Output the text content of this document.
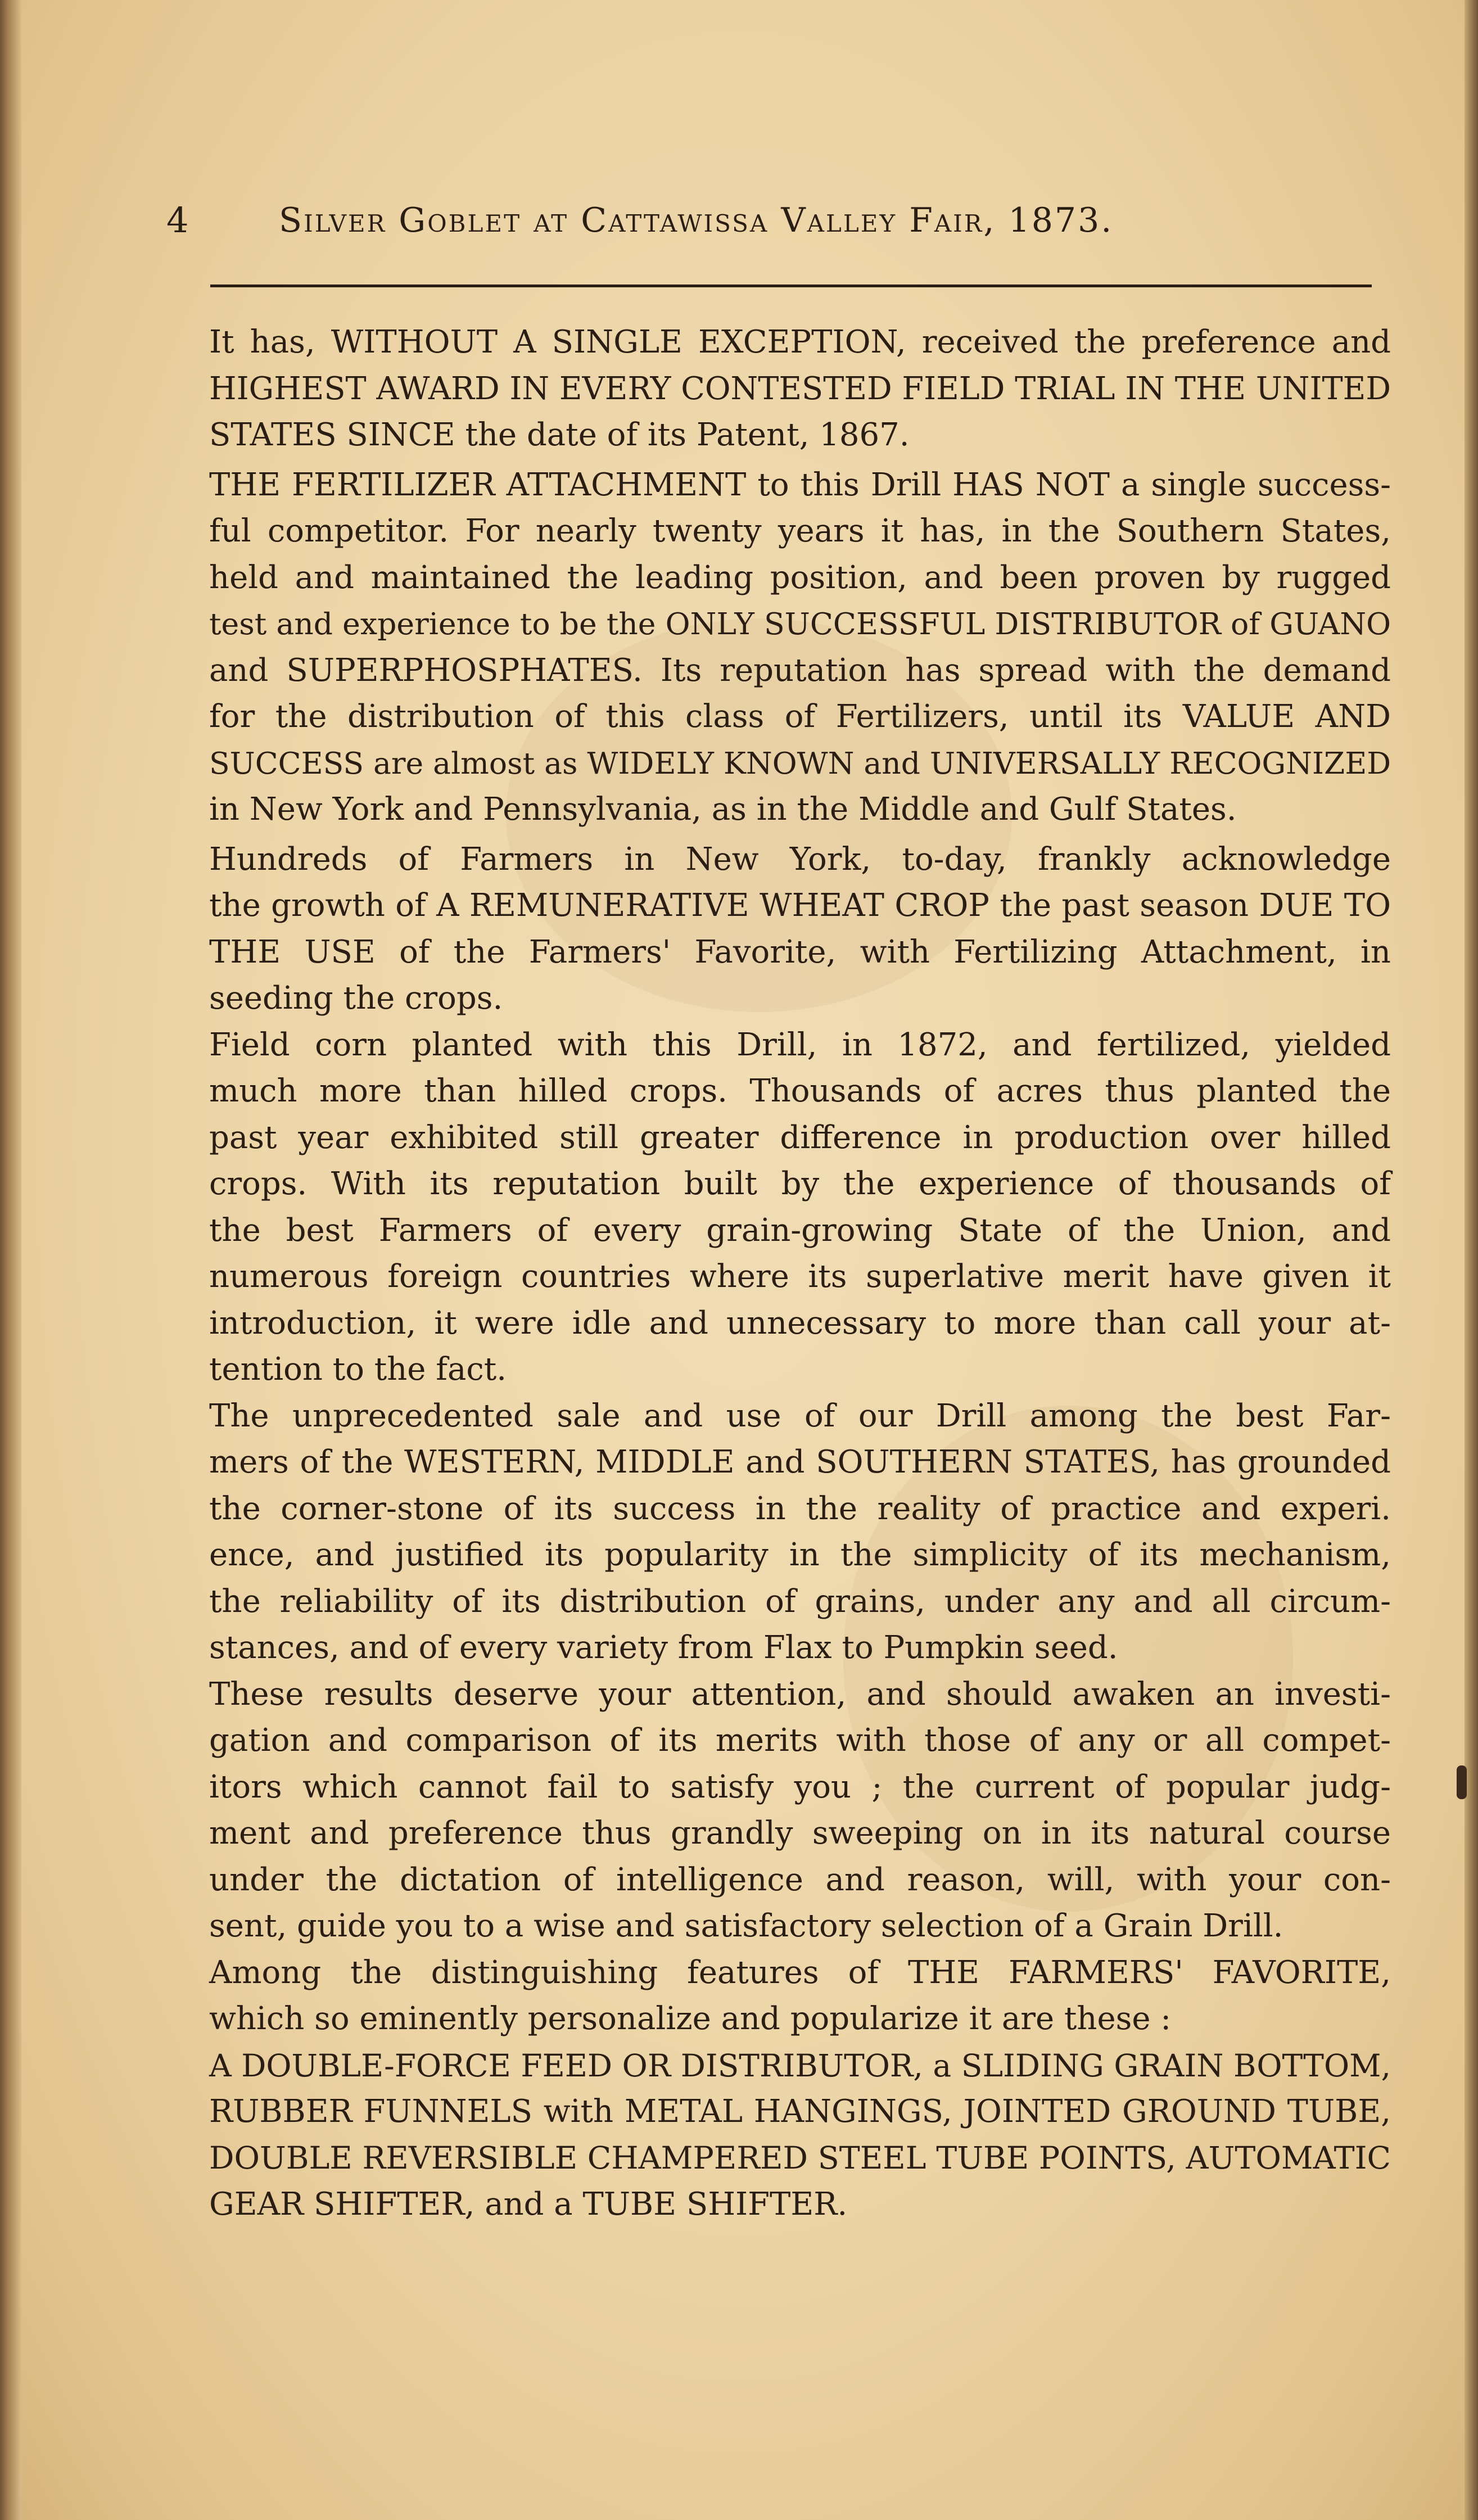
4	Silver Goblet at Cattawissa Valley Fair, 1873.
It has, WITHOUT A SINGLE EXCEPTION, received the preference and
HIGHEST AWARD IN EVERY CONTESTED FIELD TRIAL IN THE UNITED
STATES SINCE the date of its Patent, 1867.
THE FERTILIZER ATTACHMENT to this Drill HAS NOT a single success-
ful competitor. For nearly twenty years it has, in the Southern States,
held and maintained the leading position, and been proven by rugged
test and experience to be the ONLY SUCCESSFUL DISTRIBUTOR of GUANO
and SUPERPHOSPHATES. Its reputation has spread with the demand
for the distribution of this class of Fertilizers, until its VALUE AND
SUCCESS are almost as WIDELY KNOWN and UNIVERSALLY RECOGNIZED
in New York and Pennsylvania, as in the Middle and Gulf States.
Hundreds of Farmers in New York, to-day, frankly acknowledge
the growth of A REMUNERATIVE WHEAT CROP the past season DUE TO
THE USE of the Farmers' Favorite, with Fertilizing Attachment, in
seeding the crops.
Field corn planted with this Drill, in 1872, and fertilized, yielded
much more than hilled crops. Thousands of acres thus planted the
past year exhibited still greater difference in production over hilled
crops. With its reputation built by the experience of thousands of
the best Farmers of every grain-growing State of the Union, and
numerous foreign countries where its superlative merit have given it
introduction, it were idle and unnecessary to more than call your at-
tention to the fact.
The unprecedented sale and use of our Drill among the best Far-
mers of the WESTERN, MIDDLE and SOUTHERN STATES, has grounded
the corner-stone of its success in the reality of practice and experi.
ence, and justified its popularity in the simplicity of its mechanism,
the reliability of its distribution of grains, under any and all circum-
stances, and of every variety from Flax to Pumpkin seed.
These results deserve your attention, and should awaken an investi-
gation and comparison of its merits with those of any or all compet-
itors which cannot fail to satisfy you ; the current of popular judg-
ment and preference thus grandly sweeping on in its natural course
under the dictation of intelligence and reason, will, with your con-
sent, guide you to a wise and satisfactory selection of a Grain Drill.
Among the distinguishing features of THE FARMERS' FAVORITE,
which so eminently personalize and popularize it are these :
A DOUBLE-FORCE FEED OR DISTRIBUTOR, a SLIDING GRAIN BOTTOM,
RUBBER FUNNELS with METAL HANGINGS, JOINTED GROUND TUBE,
DOUBLE REVERSIBLE CHAMPERED STEEL TUBE POINTS, AUTOMATIC
GEAR SHIFTER, and a TUBE SHIFTER.
